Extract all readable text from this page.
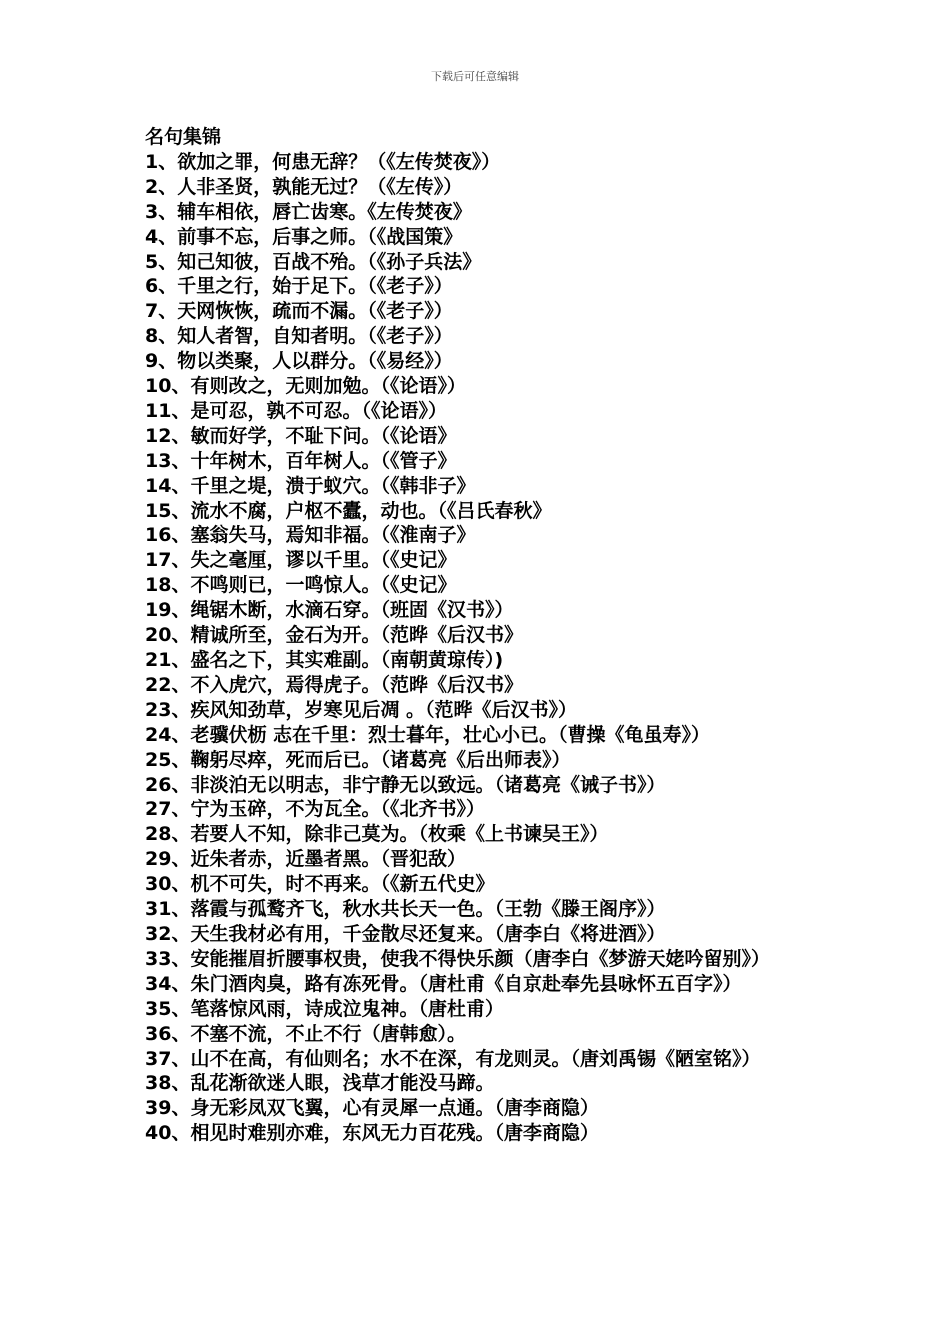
下载后可任意编辑
名句集锦
1、欲加之罪，何患无辞？（《左传焚夜》）
2、人非圣贤，孰能无过？（《左传》）
3、辅车相依，唇亡齿寒。《左传焚夜》
4、前事不忘，后事之师。（《战国策》
5、知己知彼，百战不殆。（《孙子兵法》
6、千里之行，始于足下。（《老子》）
7、天网恢恢，疏而不漏。（《老子》）
8、知人者智，自知者明。（《老子》）
9、物以类聚，人以群分。（《易经》）
10、有则改之，无则加勉。（《论语》）
11、是可忍，孰不可忍。（《论语》）
12、敏而好学，不耻下问。（《论语》
13、十年树木，百年树人。（《管子》
14、千里之堤，溃于蚁穴。（《韩非子》
15、流水不腐，户枢不蠹，动也。（《吕氏春秋》
16、塞翁失马，焉知非福。（《淮南子》
17、失之毫厘，谬以千里。（《史记》
18、不鸣则已，一鸣惊人。（《史记》
19、绳锯木断，水滴石穿。（班固《汉书》）
20、精诚所至，金石为开。（范晔《后汉书》
21、盛名之下，其实难副。（南朝黄琼传）)
22、不入虎穴，焉得虎子。（范晔《后汉书》
23、疾风知劲草，岁寒见后凋 。（范晔《后汉书》）
24、老骥伏枥 志在千里：烈士暮年，壮心小已。（曹操《龟虽寿》）
25、鞠躬尽瘁，死而后已。（诸葛亮《后出师表》）
26、非淡泊无以明志，非宁静无以致远。（诸葛亮《诫子书》）
27、宁为玉碎，不为瓦全。（《北齐书》）
28、若要人不知，除非己莫为。（枚乘《上书谏吴王》）
29、近朱者赤，近墨者黑。（晋犯敌）
30、机不可失，时不再来。（《新五代史》
31、落霞与孤鹜齐飞，秋水共长天一色。（王勃《滕王阁序》）
32、天生我材必有用，千金散尽还复来。（唐李白《将进酒》）
33、安能摧眉折腰事权贵，使我不得快乐颜（唐李白《梦游天姥吟留别》）
34、朱门酒肉臭，路有冻死骨。（唐杜甫《自京赴奉先县咏怀五百字》）
35、笔落惊风雨，诗成泣鬼神。（唐杜甫）
36、不塞不流，不止不行（唐韩愈）。
37、山不在高，有仙则名；水不在深，有龙则灵。（唐刘禹锡《陋室铭》）
38、乱花渐欲迷人眼，浅草才能没马蹄。
39、身无彩凤双飞翼，心有灵犀一点通。（唐李商隐）
40、相见时难别亦难，东风无力百花残。（唐李商隐）
